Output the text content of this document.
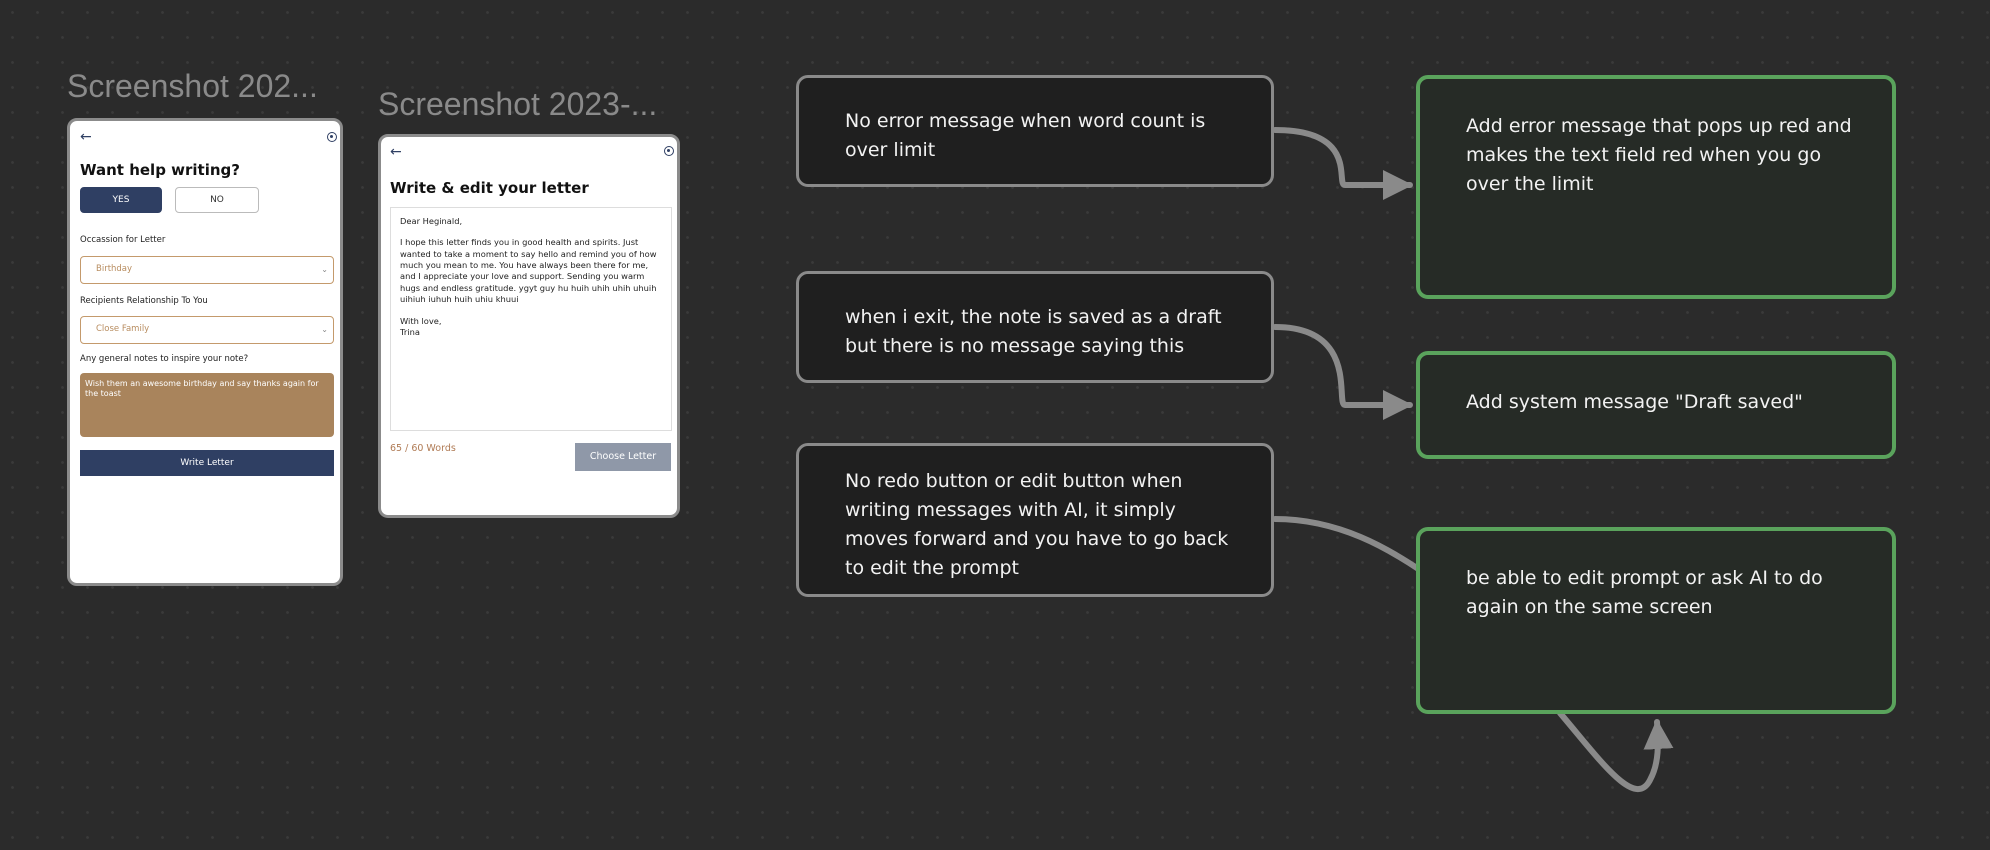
Screenshot 202...
←
Want help writing?
YES	NO
Occassion for Letter
Birthday	⌄
Recipients Relationship To You
Close Family	⌄
Any general notes to inspire your note?
Wish them an awesome birthday and say thanks again for the toast
Write Letter
Screenshot 2023-...
←
Write & edit your letter

Dear Heginald,

I hope this letter finds you in good health and spirits. Just wanted to take a moment to say hello and remind you of how much you mean to me. You have always been there for me, and I appreciate your love and support. Sending you warm hugs and endless gratitude. ygyt guy hu huih uhih uhih uhuih uihiuh iuhuh huih uhiu khuui

With love,
Trina
65 / 60 Words
Choose Letter
No error message when word count is over limit
when i exit, the note is saved as a draft but there is no message saying this
No redo button or edit button when writing messages with AI, it simply moves forward and you have to go back to edit the prompt
Add error message that pops up red and makes the text field red when you go over the limit
Add system message "Draft saved"
be able to edit prompt or ask AI to do again on the same screen
